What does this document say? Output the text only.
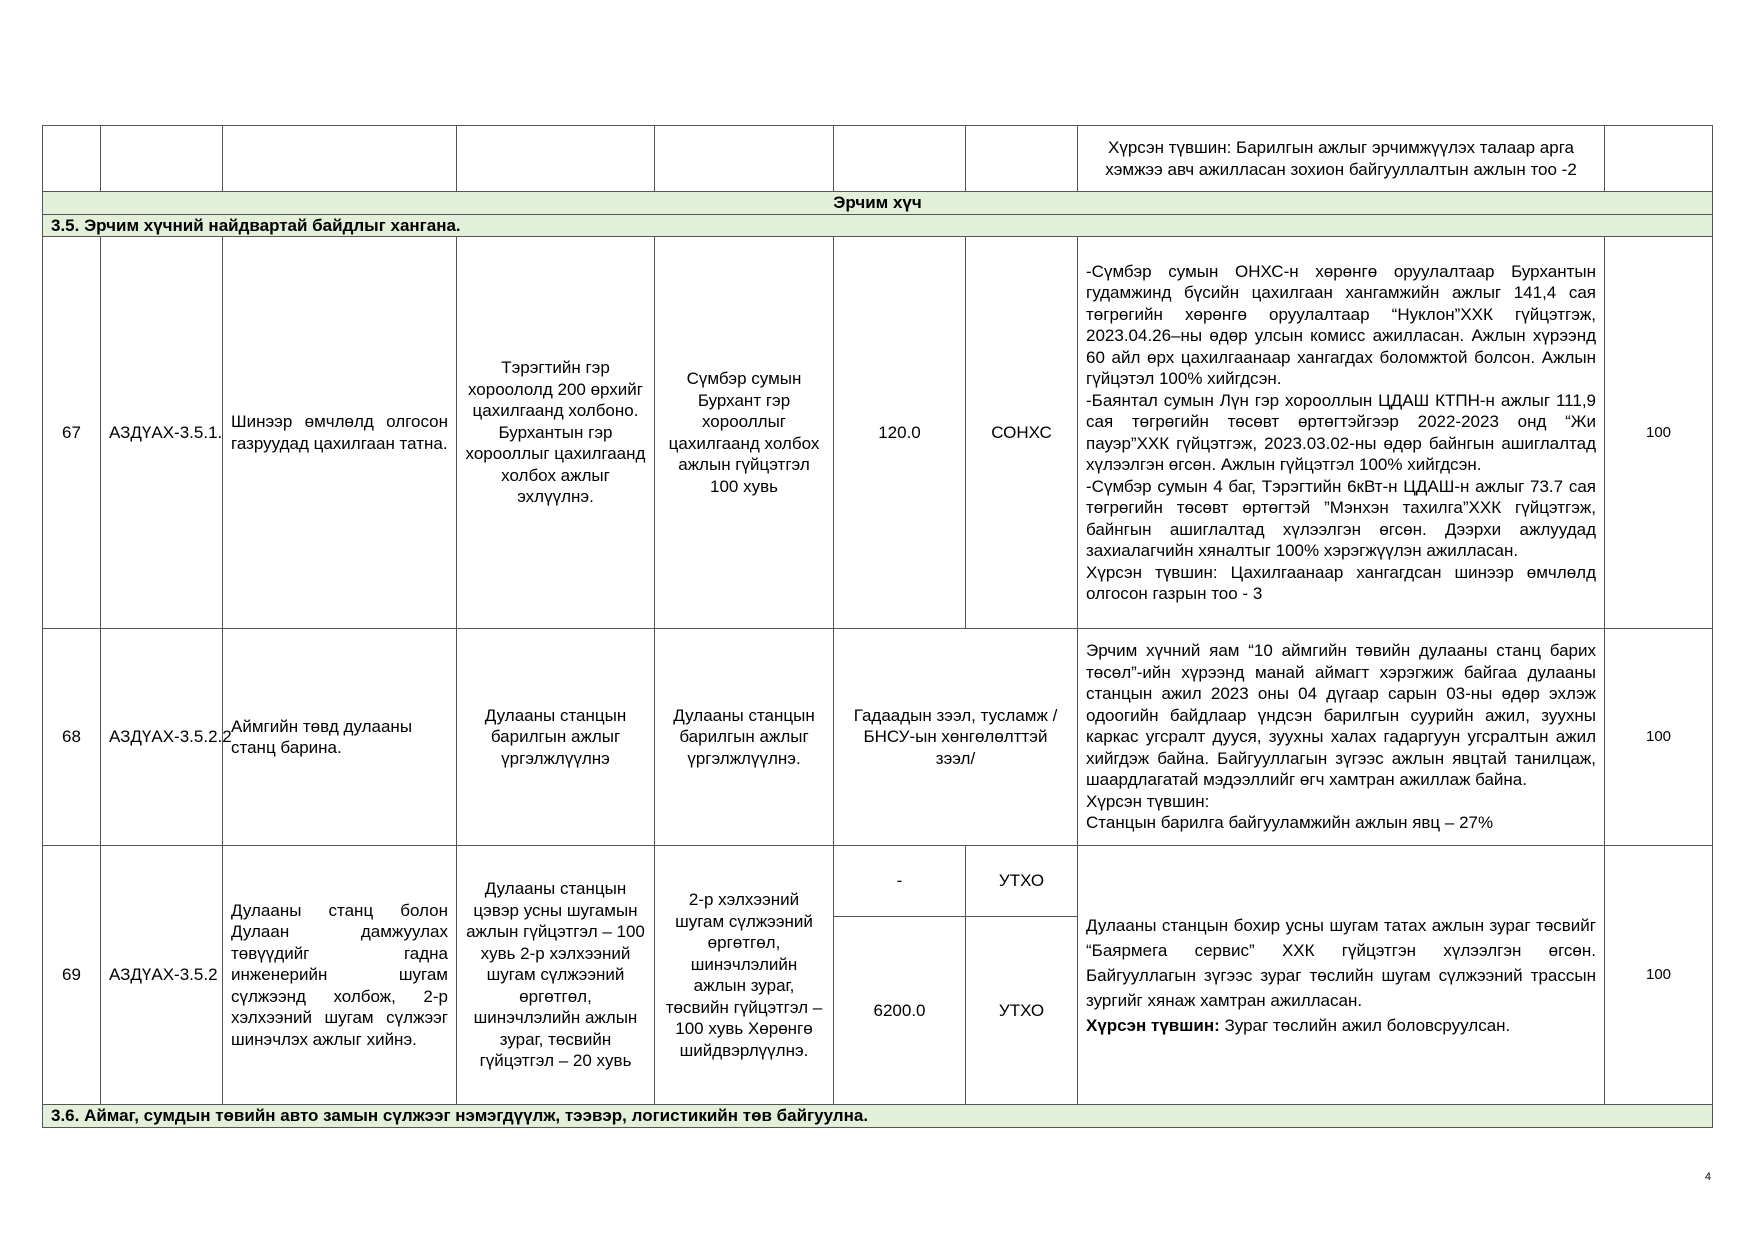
							Хүрсэн түвшин: Барилгын ажлыг эрчимжүүлэх талаар арга хэмжээ авч ажилласан зохион байгууллалтын ажлын тоо -2	
Эрчим хүч								
3.5. Эрчим хүчний найдвартай байдлыг хангана.								
67	АЗДҮАХ-3.5.1.	Шинээр өмчлөлд олгосон газруудад цахилгаан татна.	Тэрэгтийн гэр хороололд 200 өрхийг цахилгаанд холбоно. Бурхантын гэр хорооллыг цахилгаанд холбох ажлыг эхлүүлнэ.	Сүмбэр сумын Бурхант гэр хорооллыг цахилгаанд холбох ажлын гүйцэтгэл 100 хувь	120.0	СОНХС	-Сүмбэр сумын ОНХС-н хөрөнгө оруулалтаар Бурхантын гудамжинд бүсийн цахилгаан хангамжийн ажлыг 141,4 сая төгрөгийн хөрөнгө оруулалтаар “Нуклон”ХХК гүйцэтгэж, 2023.04.26–ны өдөр улсын комисс ажилласан. Ажлын хүрээнд 60 айл өрх цахилгаанаар хангагдах боломжтой болсон. Ажлын гүйцэтэл 100% хийгдсэн.

-Баянтал сумын Лүн гэр хорооллын ЦДАШ КТПН-н ажлыг 111,9 сая төгрөгийн төсөвт өртөгтэйгээр 2022-2023 онд “Жи пауэр”ХХК гүйцэтгэж, 2023.03.02-ны өдөр байнгын ашиглалтад хүлээлгэн өгсөн. Ажлын гүйцэтгэл 100% хийгдсэн.

-Сүмбэр сумын 4 баг, Тэрэгтийн 6кВт-н ЦДАШ-н ажлыг 73.7 сая төгрөгийн төсөвт өртөгтэй ”Мэнхэн тахилга”ХХК гүйцэтгэж, байнгын ашиглалтад хүлээлгэн өгсөн. Дээрхи ажлуудад захиалагчийн хяналтыг 100% хэрэгжүүлэн ажилласан.

Хүрсэн түвшин: Цахилгаанаар хангагдсан шинээр өмчлөлд олгосон газрын тоо - 3	100
68	АЗДҮАХ-3.5.2.2	Аймгийн төвд дулааны станц барина.	Дулааны станцын барилгын ажлыг үргэлжлүүлнэ	Дулааны станцын барилгын ажлыг үргэлжлүүлнэ.	Гадаадын зээл, тусламж /БНСУ-ын хөнгөлөлттэй зээл/		Эрчим хүчний яам “10 аймгийн төвийн дулааны станц барих төсөл”-ийн хүрээнд манай аймагт хэрэгжиж байгаа дулааны станцын ажил 2023 оны 04 дүгаар сарын 03-ны өдөр эхлэж одоогийн байдлаар үндсэн барилгын суурийн ажил, зуухны каркас угсралт дууся, зуухны халах гадаргуун угсралтын ажил хийгдэж байна. Байгууллагын зүгээс ажлын явцтай танилцаж, шаардлагатай мэдээллийг өгч хамтран ажиллаж байна.

Хүрсэн түвшин:

Станцын барилга байгууламжийн ажлын явц – 27%	100
69	АЗДҮАХ-3.5.2	Дулааны станц болон Дулаан дамжуулах төвүүдийг гадна инженерийн шугам сүлжээнд холбож, 2-р хэлхээний шугам сүлжээг шинэчлэх ажлыг хийнэ.	Дулааны станцын цэвэр усны шугамын ажлын гүйцэтгэл – 100 хувь 2-р хэлхээний шугам сүлжээний өргөтгөл, шинэчлэлийн ажлын зураг, төсвийн гүйцэтгэл – 20 хувь	2-р хэлхээний шугам сүлжээний өргөтгөл, шинэчлэлийн ажлын зураг, төсвийн гүйцэтгэл –100 хувь Хөрөнгө шийдвэрлүүлнэ.	-	УТХО	Дулааны станцын бохир усны шугам татах ажлын зураг төсвийг “Баярмега сервис” ХХК гүйцэтгэн хүлээлгэн өгсөн. Байгууллагын зүгээс зураг төслийн шугам сүлжээний трассын зургийг хянаж хамтран ажилласан.

Хүрсэн түвшин: Зураг төслийн ажил боловсруулсан.	100
					6200.0	УТХО		
3.6. Аймаг, сумдын төвийн авто замын сүлжээг нэмэгдүүлж, тээвэр, логистикийн төв байгуулна.								
4
